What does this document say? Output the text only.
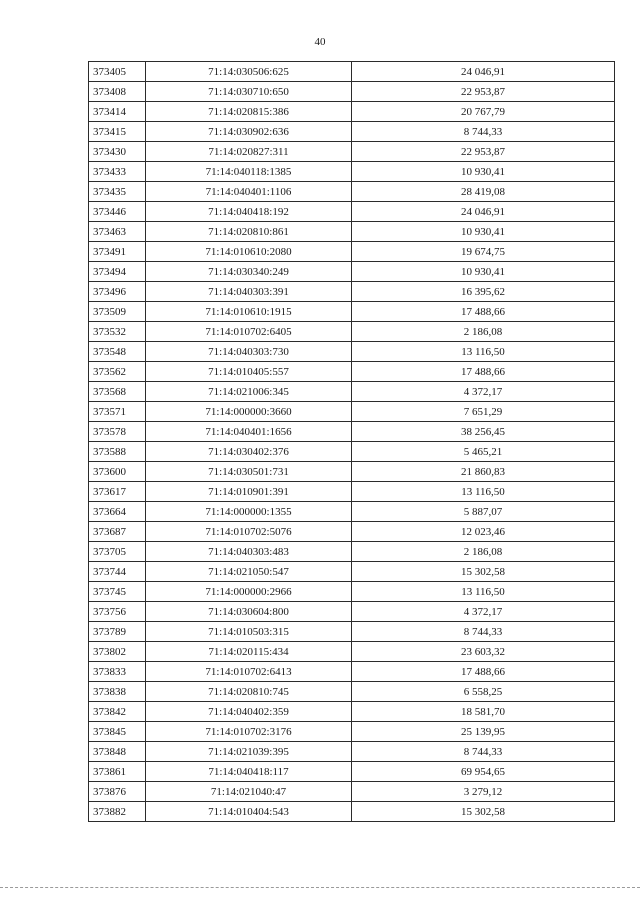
40
373405	71:14:030506:625	24 046,91
373408	71:14:030710:650	22 953,87
373414	71:14:020815:386	20 767,79
373415	71:14:030902:636	8 744,33
373430	71:14:020827:311	22 953,87
373433	71:14:040118:1385	10 930,41
373435	71:14:040401:1106	28 419,08
373446	71:14:040418:192	24 046,91
373463	71:14:020810:861	10 930,41
373491	71:14:010610:2080	19 674,75
373494	71:14:030340:249	10 930,41
373496	71:14:040303:391	16 395,62
373509	71:14:010610:1915	17 488,66
373532	71:14:010702:6405	2 186,08
373548	71:14:040303:730	13 116,50
373562	71:14:010405:557	17 488,66
373568	71:14:021006:345	4 372,17
373571	71:14:000000:3660	7 651,29
373578	71:14:040401:1656	38 256,45
373588	71:14:030402:376	5 465,21
373600	71:14:030501:731	21 860,83
373617	71:14:010901:391	13 116,50
373664	71:14:000000:1355	5 887,07
373687	71:14:010702:5076	12 023,46
373705	71:14:040303:483	2 186,08
373744	71:14:021050:547	15 302,58
373745	71:14:000000:2966	13 116,50
373756	71:14:030604:800	4 372,17
373789	71:14:010503:315	8 744,33
373802	71:14:020115:434	23 603,32
373833	71:14:010702:6413	17 488,66
373838	71:14:020810:745	6 558,25
373842	71:14:040402:359	18 581,70
373845	71:14:010702:3176	25 139,95
373848	71:14:021039:395	8 744,33
373861	71:14:040418:117	69 954,65
373876	71:14:021040:47	3 279,12
373882	71:14:010404:543	15 302,58
